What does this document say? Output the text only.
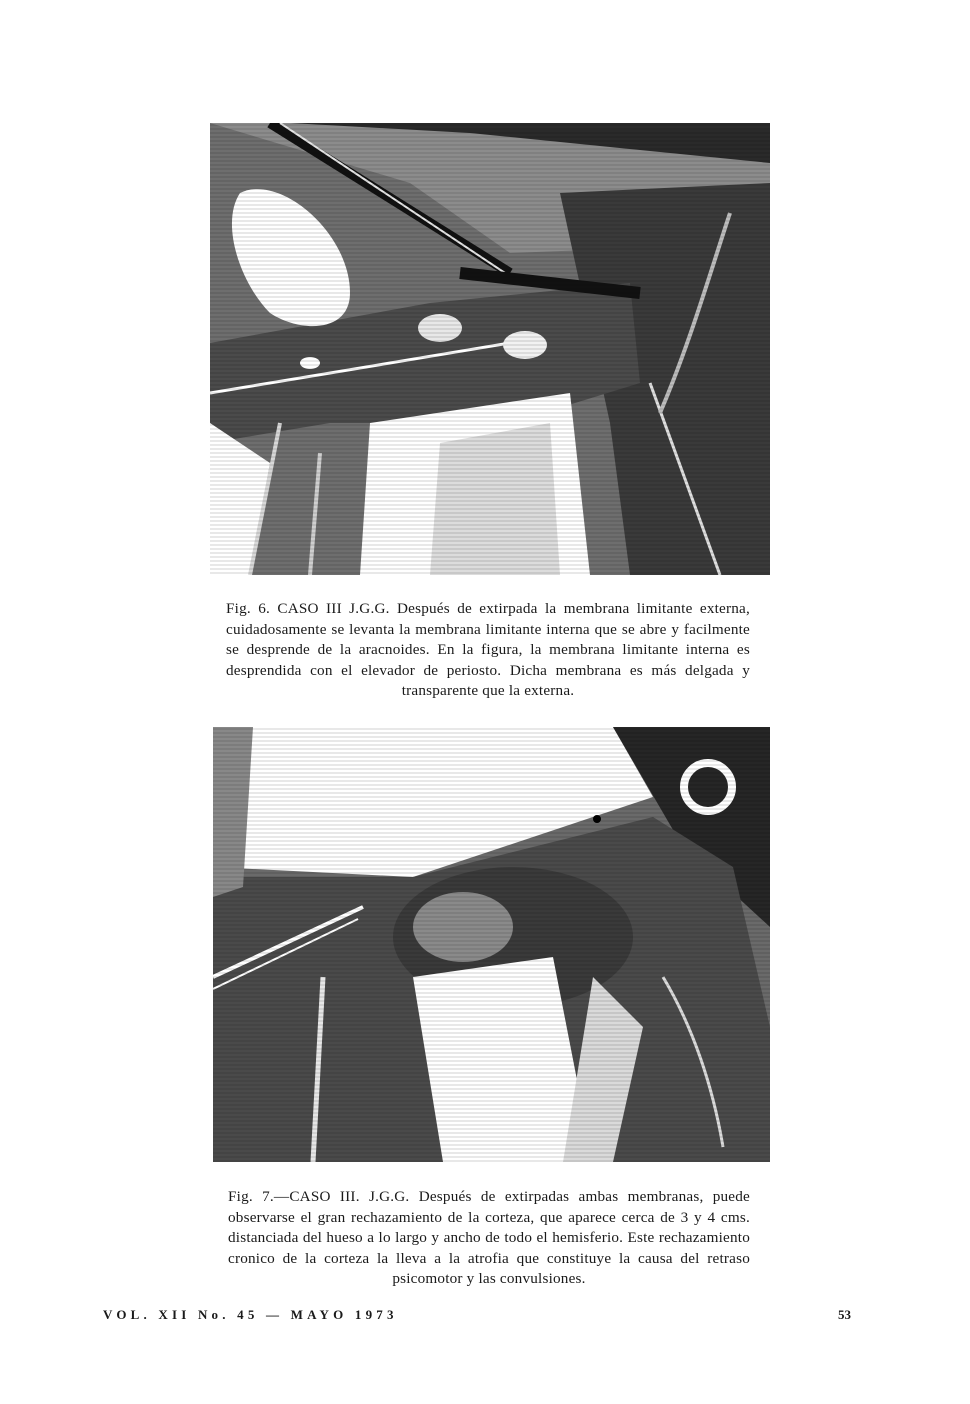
Fig. 6. CASO III J.G.G. Después de extirpada la membrana limitante externa, cuidadosamente se levanta la membrana limitante interna que se abre y facilmente se desprende de la aracnoides. En la figura, la membrana limitante interna es desprendida con el elevador de periosto. Dicha membrana es más delgada y transparente que la externa.

Fig. 7.—CASO III. J.G.G. Después de extirpadas ambas membranas, puede observarse el gran rechazamiento de la corteza, que aparece cerca de 3 y 4 cms. distanciada del hueso a lo largo y ancho de todo el hemisferio. Este rechazamiento cronico de la corteza la lleva a la atrofia que constituye la causa del retraso psicomotor y las convulsiones.

VOL. XII No. 45 — MAYO 1973	53
